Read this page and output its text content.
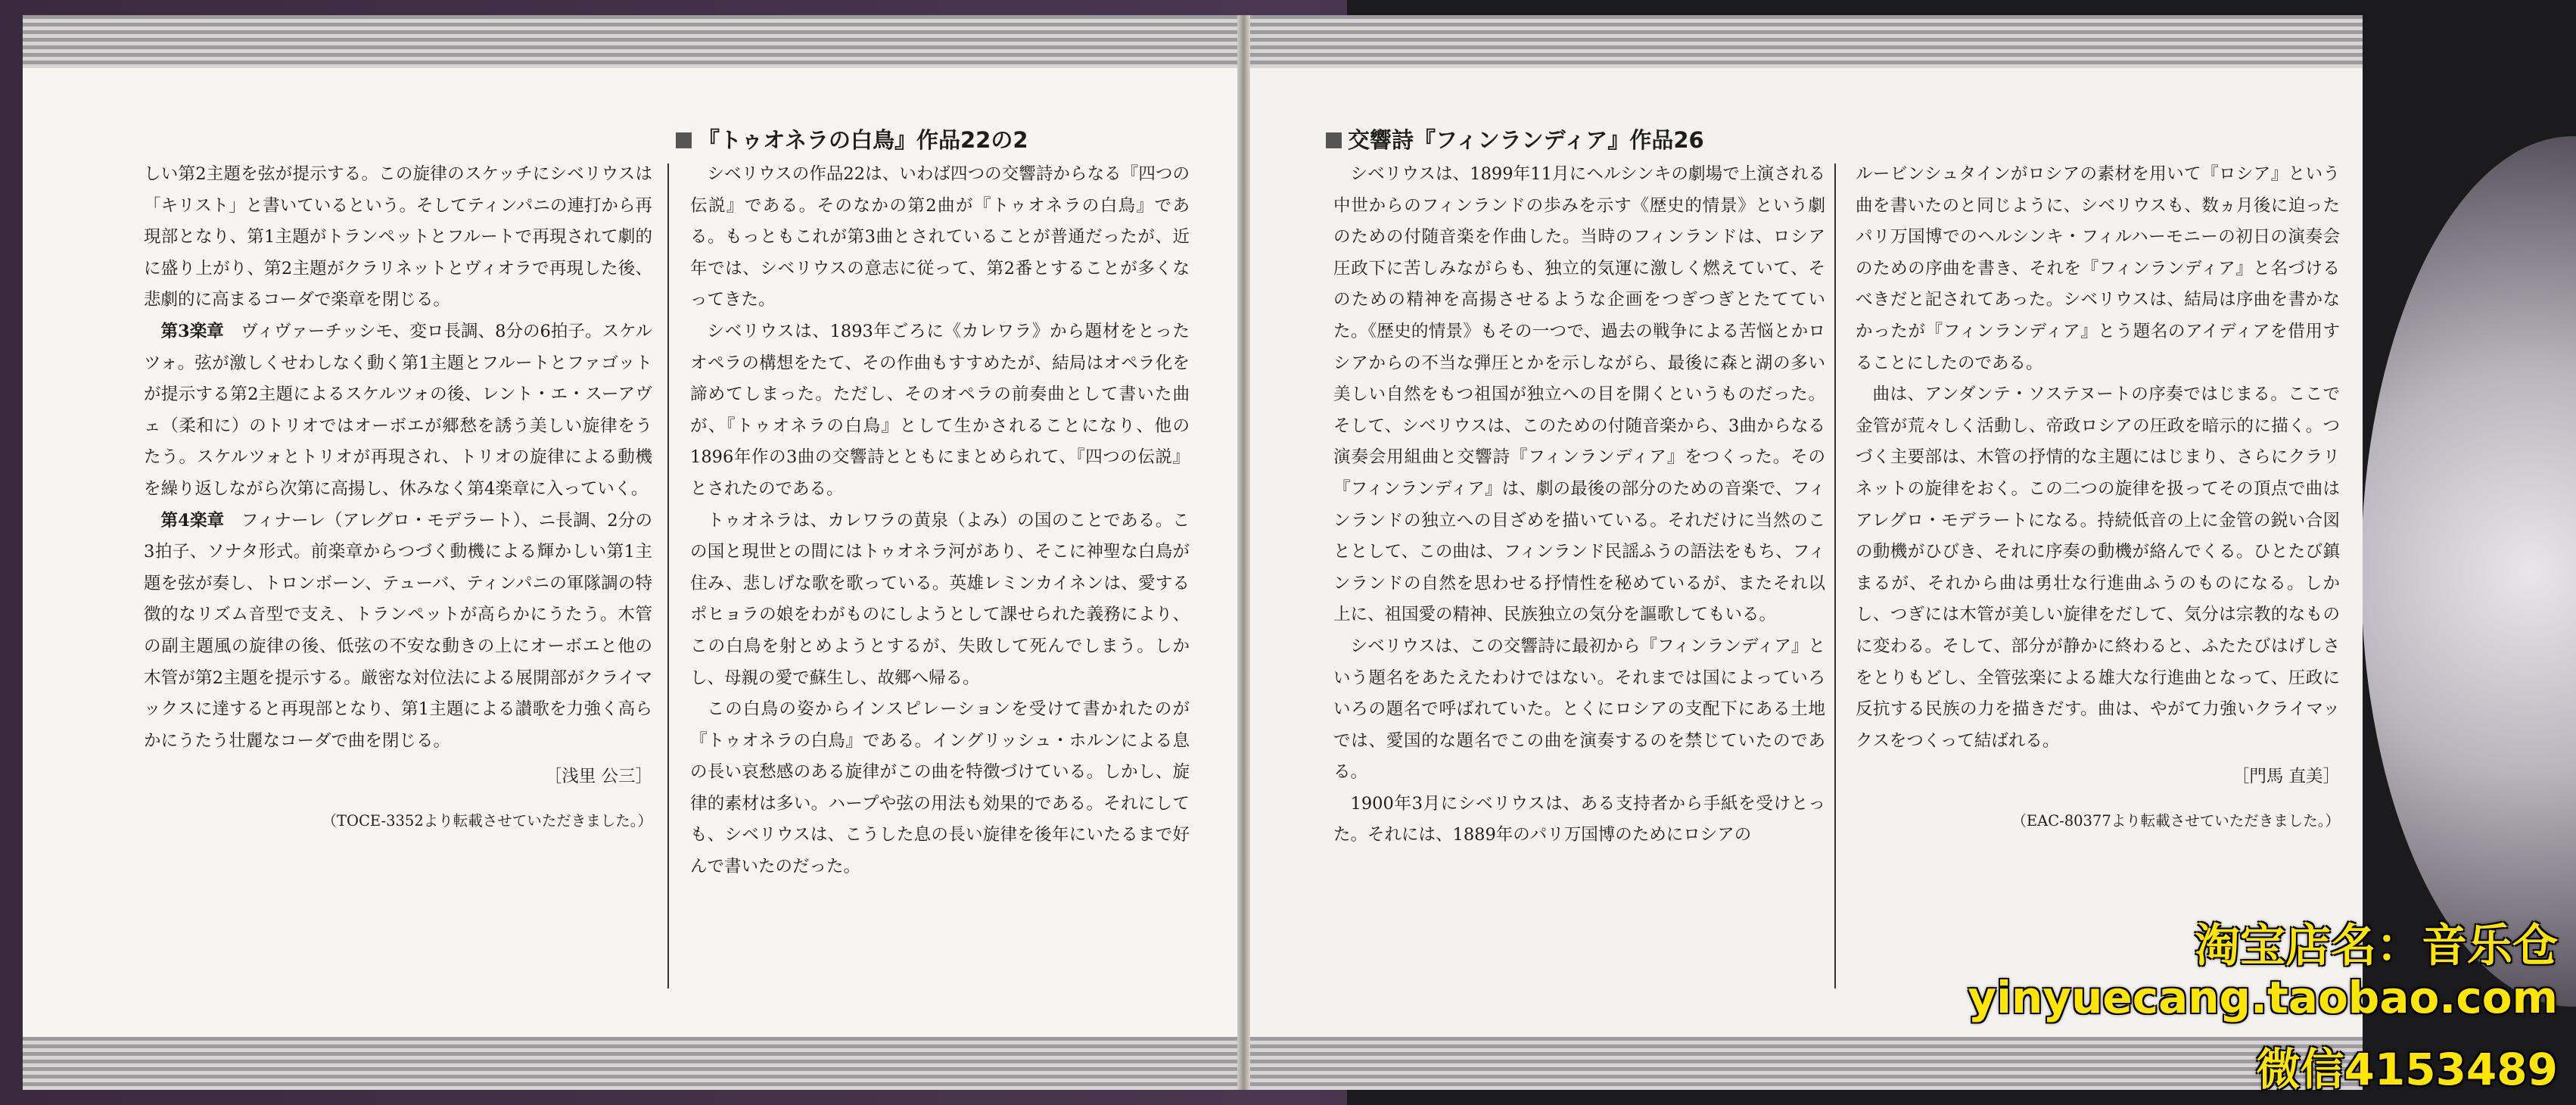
しい第2主題を弦が提示する。この旋律のスケッチにシベリウスは「キリスト」と書いているという。そしてティンパニの連打から再現部となり、第1主題がトランペットとフルートで再現されて劇的に盛り上がり、第2主題がクラリネットとヴィオラで再現した後、悲劇的に高まるコーダで楽章を閉じる。

第3楽章　 ヴィヴァーチッシモ、変ロ長調、8分の6拍子。スケルツォ。弦が激しくせわしなく動く第1主題とフルートとファゴットが提示する第2主題によるスケルツォの後、レント・エ・スーアヴェ（柔和に）のトリオではオーボエが郷愁を誘う美しい旋律をうたう。スケルツォとトリオが再現され、トリオの旋律による動機を繰り返しながら次第に高揚し、休みなく第4楽章に入っていく。

第4楽章　 フィナーレ（アレグロ・モデラート）、ニ長調、2分の3拍子、ソナタ形式。前楽章からつづく動機による輝かしい第1主題を弦が奏し、トロンボーン、テューバ、ティンパニの軍隊調の特徴的なリズム音型で支え、トランペットが高らかにうたう。木管の副主題風の旋律の後、低弦の不安な動きの上にオーボエと他の木管が第2主題を提示する。厳密な対位法による展開部がクライマックスに達すると再現部となり、第1主題による讃歌を力強く高らかにうたう壮麗なコーダで曲を閉じる。

［浅里 公三］
（TOCE-3352より転載させていただきました。）
『トゥオネラの白鳥』作品22の2

シベリウスの作品22は、いわば四つの交響詩からなる『四つの伝説』である。そのなかの第2曲が『トゥオネラの白鳥』である。もっともこれが第3曲とされていることが普通だったが、近年では、シベリウスの意志に従って、第2番とすることが多くなってきた。

シベリウスは、1893年ごろに《カレワラ》から題材をとったオペラの構想をたて、その作曲もすすめたが、結局はオペラ化を諦めてしまった。ただし、そのオペラの前奏曲として書いた曲が、『トゥオネラの白鳥』として生かされることになり、他の1896年作の3曲の交響詩とともにまとめられて、『四つの伝説』とされたのである。

トゥオネラは、カレワラの黄泉（よみ）の国のことである。この国と現世との間にはトゥオネラ河があり、そこに神聖な白鳥が住み、悲しげな歌を歌っている。英雄レミンカイネンは、愛するポヒョラの娘をわがものにしようとして課せられた義務により、この白鳥を射とめようとするが、失敗して死んでしまう。しかし、母親の愛で蘇生し、故郷へ帰る。

この白鳥の姿からインスピレーションを受けて書かれたのが『トゥオネラの白鳥』である。イングリッシュ・ホルンによる息の長い哀愁感のある旋律がこの曲を特徴づけている。しかし、旋律的素材は多い。ハープや弦の用法も効果的である。それにしても、シベリウスは、こうした息の長い旋律を後年にいたるまで好んで書いたのだった。

交響詩『フィンランディア』作品26

シベリウスは、1899年11月にヘルシンキの劇場で上演される中世からのフィンランドの歩みを示す《歴史的情景》という劇のための付随音楽を作曲した。当時のフィンランドは、ロシア圧政下に苦しみながらも、独立的気運に激しく燃えていて、そのための精神を高揚させるような企画をつぎつぎとたてていた。《歴史的情景》もその一つで、過去の戦争による苦悩とかロシアからの不当な弾圧とかを示しながら、最後に森と湖の多い美しい自然をもつ祖国が独立への目を開くというものだった。そして、シベリウスは、このための付随音楽から、3曲からなる演奏会用組曲と交響詩『フィンランディア』をつくった。その『フィンランディア』は、劇の最後の部分のための音楽で、フィンランドの独立への目ざめを描いている。それだけに当然のこととして、この曲は、フィンランド民謡ふうの語法をもち、フィンランドの自然を思わせる抒情性を秘めているが、またそれ以上に、祖国愛の精神、民族独立の気分を謳歌してもいる。

シベリウスは、この交響詩に最初から『フィンランディア』という題名をあたえたわけではない。それまでは国によっていろいろの題名で呼ばれていた。とくにロシアの支配下にある土地では、愛国的な題名でこの曲を演奏するのを禁じていたのである。

1900年3月にシベリウスは、ある支持者から手紙を受けとった。それには、1889年のパリ万国博のためにロシアの

ルービンシュタインがロシアの素材を用いて『ロシア』という曲を書いたのと同じように、シベリウスも、数ヵ月後に迫ったパリ万国博でのヘルシンキ・フィルハーモニーの初日の演奏会のための序曲を書き、それを『フィンランディア』と名づけるべきだと記されてあった。シベリウスは、結局は序曲を書かなかったが『フィンランディア』とう題名のアイディアを借用することにしたのである。

曲は、アンダンテ・ソステヌートの序奏ではじまる。ここで金管が荒々しく活動し、帝政ロシアの圧政を暗示的に描く。つづく主要部は、木管の抒情的な主題にはじまり、さらにクラリネットの旋律をおく。この二つの旋律を扱ってその頂点で曲はアレグロ・モデラートになる。持続低音の上に金管の鋭い合図の動機がひびき、それに序奏の動機が絡んでくる。ひとたび鎮まるが、それから曲は勇壮な行進曲ふうのものになる。しかし、つぎには木管が美しい旋律をだして、気分は宗教的なものに変わる。そして、部分が静かに終わると、ふたたびはげしさをとりもどし、全管弦楽による雄大な行進曲となって、圧政に反抗する民族の力を描きだす。曲は、やがて力強いクライマックスをつくって結ばれる。

［門馬 直美］
（EAC-80377より転載させていただきました。）
淘宝店名：音乐仓
yinyuecang.taobao.com
微信4153489
